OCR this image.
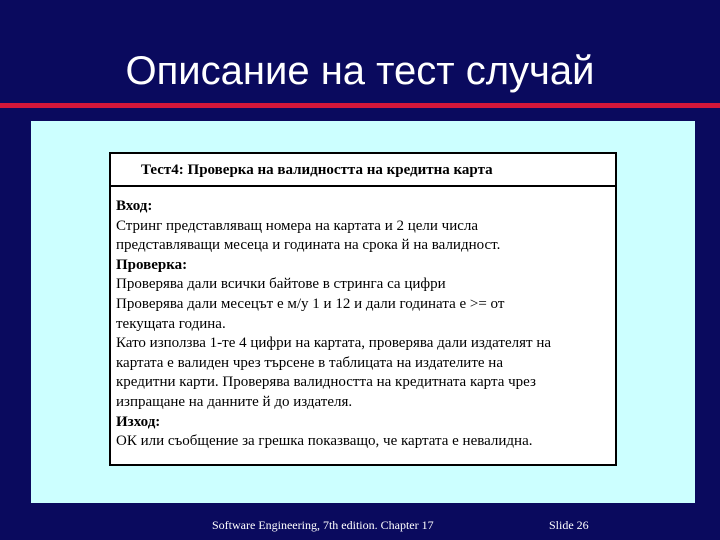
Описание на тест случай
Тест4: Проверка на валидността на кредитна карта
Вход:
Стринг представляващ номера на картата и 2 цели числа
представляващи месеца и годината на срока й на валидност.
Проверка:
Проверява дали всички байтове в стринга са цифри
Проверява дали месецът е м/у 1 и 12 и дали годината е >= от
текущата година.
Като използва 1-те 4 цифри на картата, проверява дали издателят на
картата е валиден чрез търсене в таблицата на издателите на
кредитни карти. Проверява валидността на кредитната карта чрез
изпращане на данните й до издателя.
Изход:
ОК или съобщение за грешка показващо, че картата е невалидна.
Software Engineering, 7th edition. Chapter 17	Slide 26
